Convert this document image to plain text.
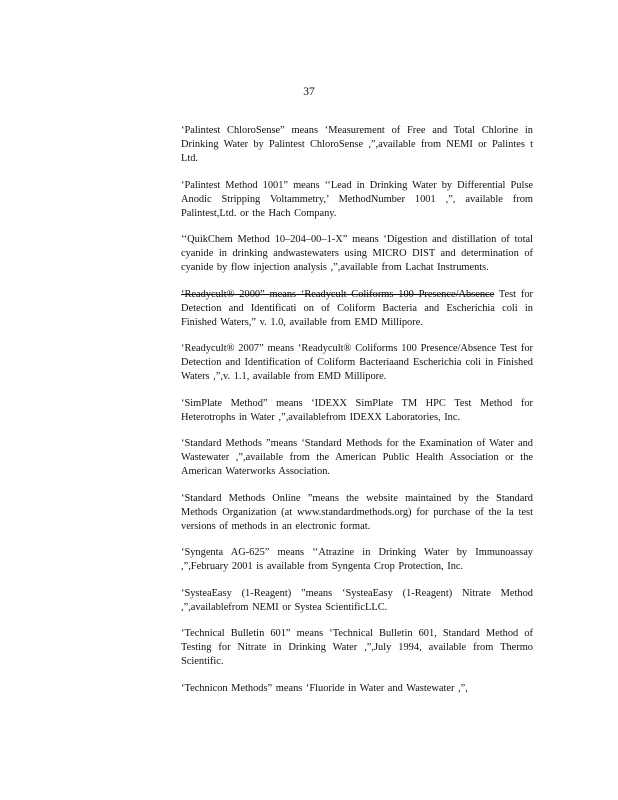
37

‘Palintest ChloroSense” means ‘Measurement of Free and Total Chlorine in Drinking Water by Palintest ChloroSense ,”,available from NEMI or Palintes t Ltd.

‘Palintest Method 1001” means ‘‘Lead in Drinking Water by Differential Pulse Anodic Stripping Voltammetry,’ MethodNumber 1001 ,”, available from Palintest,Ltd. or the Hach Company.

‘‘QuikChem Method 10–204–00–1-X” means ‘Digestion and distillation of total cyanide in drinking andwastewaters using MICRO DIST and determination of cyanide by flow injection analysis ,”,available from Lachat Instruments.

‘Readycult® 2000” means ‘Readycult Coliforms 100 Presence/Absence Test for Detection and Identificati on of Coliform Bacteria and Escherichia coli in Finished Waters,” v. 1.0, available from EMD Millipore.

‘Readycult® 2007” means ‘Readycult® Coliforms 100 Presence/Absence Test for Detection and Identification of Coliform Bacteriaand Escherichia coli in Finished Waters ,”,v. 1.1, available from EMD Millipore.

‘SimPlate Method” means ‘IDEXX SimPlate TM HPC Test Method for Heterotrophs in Water ,”,availablefrom IDEXX Laboratories, Inc.

‘Standard Methods ”means ‘Standard Methods for the Examination of Water and Wastewater ,”,available from the American Public Health Association or the American Waterworks Association.

‘Standard Methods Online ”means the website maintained by the Standard Methods Organization (at www.standardmethods.org) for purchase of the la test versions of methods in an electronic format.

‘Syngenta AG-625” means ‘‘Atrazine in Drinking Water by Immunoassay ,”,February 2001 is available from Syngenta Crop Protection, Inc.

‘SysteaEasy (1-Reagent) ”means ‘SysteaEasy (1-Reagent) Nitrate Method ,”,availablefrom NEMI or Systea ScientificLLC.

‘Technical Bulletin 601” means ‘Technical Bulletin 601, Standard Method of Testing for Nitrate in Drinking Water ,”,July 1994, available from Thermo Scientific.

‘Technicon Methods” means ‘Fluoride in Water and Wastewater ,”,
